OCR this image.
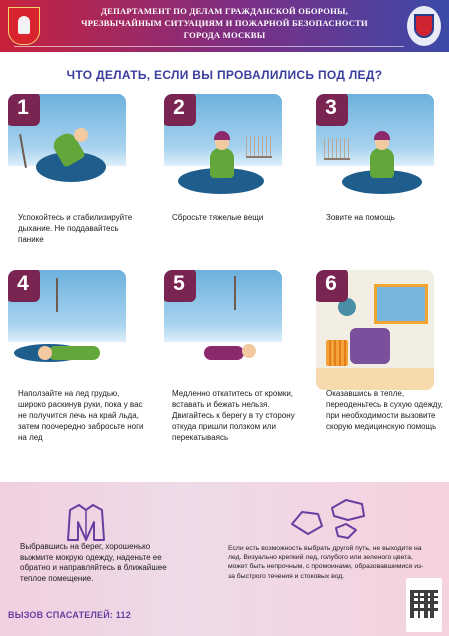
ДЕПАРТАМЕНТ ПО ДЕЛАМ ГРАЖДАНСКОЙ ОБОРОНЫ,
ЧРЕЗВЫЧАЙНЫМ СИТУАЦИЯМ И ПОЖАРНОЙ БЕЗОПАСНОСТИ
ГОРОДА МОСКВЫ
ЧТО ДЕЛАТЬ, ЕСЛИ ВЫ ПРОВАЛИЛИСЬ ПОД ЛЕД?
1
Успокойтесь и стабилизируйте дыхание. Не поддавайтесь панике
2
Сбросьте тяжелые вещи
3
Зовите на помощь
4
Наползайте на лед грудью, широко раскинув руки, пока у вас не получится лечь на край льда, затем поочередно забросьте ноги на лед
5
Медленно откатитесь от кромки, вставать и бежать нельзя. Двигайтесь к берегу в ту сторону откуда пришли ползком или перекатываясь
6
Оказавшись в тепле, переоденьтесь в сухую одежду, при необходимости вызовите скорую медицинскую помощь
Выбравшись на берег, хорошенько выжмите мокрую одежду, наденьте ее обратно и направляйтесь в ближайшее теплое помещение.
Если есть возможность выбрать другой путь, не выходите на лед. Визуально крепкий лед, голубого или зеленого цвета, может быть непрочным, с промоинами, образовавшимися из-за быстрого течения и стоковых вод.
ВЫЗОВ СПАСАТЕЛЕЙ: 112
